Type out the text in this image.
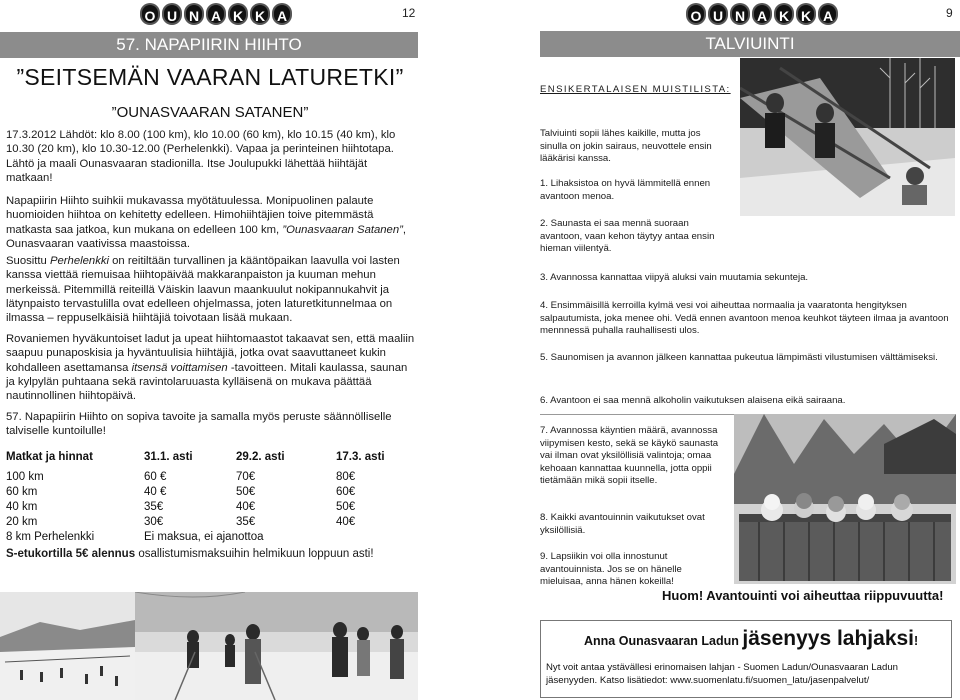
O U N A K K A	12
57. NAPAPIIRIN HIIHTO
”SEITSEMÄN VAARAN LATURETKI”
”OUNASVAARAN SATANEN”
17.3.2012 Lähdöt: klo 8.00 (100 km), klo 10.00 (60 km), klo 10.15 (40 km), klo 10.30 (20 km), klo 10.30-12.00 (Perhelenkki). Vapaa ja perinteinen hiihtotapa. Lähtö ja maali Ounasvaaran stadionilla. Itse Joulupukki lähettää hiihtäjät matkaan!
Napapiirin Hiihto suihkii mukavassa myötätuulessa. Monipuolinen palaute huomioiden hiihtoa on kehitetty edelleen. Himohiihtäjien toive pitemmästä matkasta saa jatkoa, kun mukana on edelleen 100 km, ”Ounasvaaran Satanen”, Ounasvaaran vaativissa maastoissa.
Suosittu Perhelenkki on reitiltään turvallinen ja kääntöpaikan laavulla voi lasten kanssa viettää riemuisaa hiihtopäivää makkaranpaiston ja kuuman mehun merkeissä. Pitemmillä reiteillä Väiskin laavun maankuulut nokipannukahvit ja lätynpaisto tervastulilla ovat edelleen ohjelmassa, joten laturetkitunnelmaa on ilmassa – reppuselkäisiä hiihtäjiä toivotaan lisää mukaan.
Rovaniemen hyväkuntoiset ladut ja upeat hiihtomaastot takaavat sen, että maaliin saapuu punaposkisia ja hyväntuulisia hiihtäjiä, jotka ovat saavuttaneet kukin kohdalleen asettamansa itsensä voittamisen -tavoitteen. Mitali kaulassa, saunan ja kylpylän puhtaana sekä ravintolaruuasta kylläisenä on mukava päättää nautinnollinen hiihtopäivä.
57. Napapiirin Hiihto on sopiva tavoite ja samalla myös peruste säännölliselle talviselle kuntoilulle!
Matkat ja hinnat	31.1. asti	29.2. asti	17.3. asti
100 km	60 €	70€	80€
60 km	40 €	50€	60€
40 km	35€	40€	50€
20 km	30€	35€	40€
8 km Perhelenkki	Ei maksua, ei ajanottoa
S-etukortilla 5€ alennus osallistumismaksuihin helmikuun loppuun asti!
O U N A K K A	9
TALVIUINTI
ENSIKERTALAISEN MUISTILISTA:
Talviuinti sopii lähes kaikille, mutta jos sinulla on jokin sairaus, neuvottele ensin lääkärisi kanssa.
1. Lihaksistoa on hyvä lämmitellä ennen avantoon menoa.
2. Saunasta ei saa mennä suoraan avantoon, vaan kehon täytyy antaa ensin hieman viilentyä.
3. Avannossa kannattaa viipyä aluksi vain muutamia sekunteja.
4. Ensimmäisillä kerroilla kylmä vesi voi aiheuttaa normaalia ja vaaratonta hengityksen salpautumista, joka menee ohi. Vedä ennen avantoon menoa keuhkot täyteen ilmaa ja avantoon mennnessä puhalla rauhallisesti ulos.
5. Saunomisen ja avannon jälkeen kannattaa pukeutua lämpimästi vilustumisen välttämiseksi.
6. Avantoon ei saa mennä alkoholin vaikutuksen alaisena eikä sairaana.
7. Avannossa käyntien määrä, avannossa viipymisen kesto, sekä se käykö saunasta vai ilman ovat yksilöllisiä valintoja; omaa kehoaan kannattaa kuunnella, jotta oppii tietämään mikä sopii itselle.
8. Kaikki avantouinnin vaikutukset ovat yksilöllisiä.
9. Lapsiikin voi olla innostunut avantouinnista. Jos se on hänelle mieluisaa, anna hänen kokeilla!
Huom! Avantouinti voi aiheuttaa riippuvuutta!
Anna Ounasvaaran Ladun jäsenyys lahjaksi!
Nyt voit antaa ystävällesi erinomaisen lahjan - Suomen Ladun/Ounasvaaran Ladun jäsenyyden. Katso lisätiedot: www.suomenlatu.fi/suomen_latu/jasenpalvelut/
